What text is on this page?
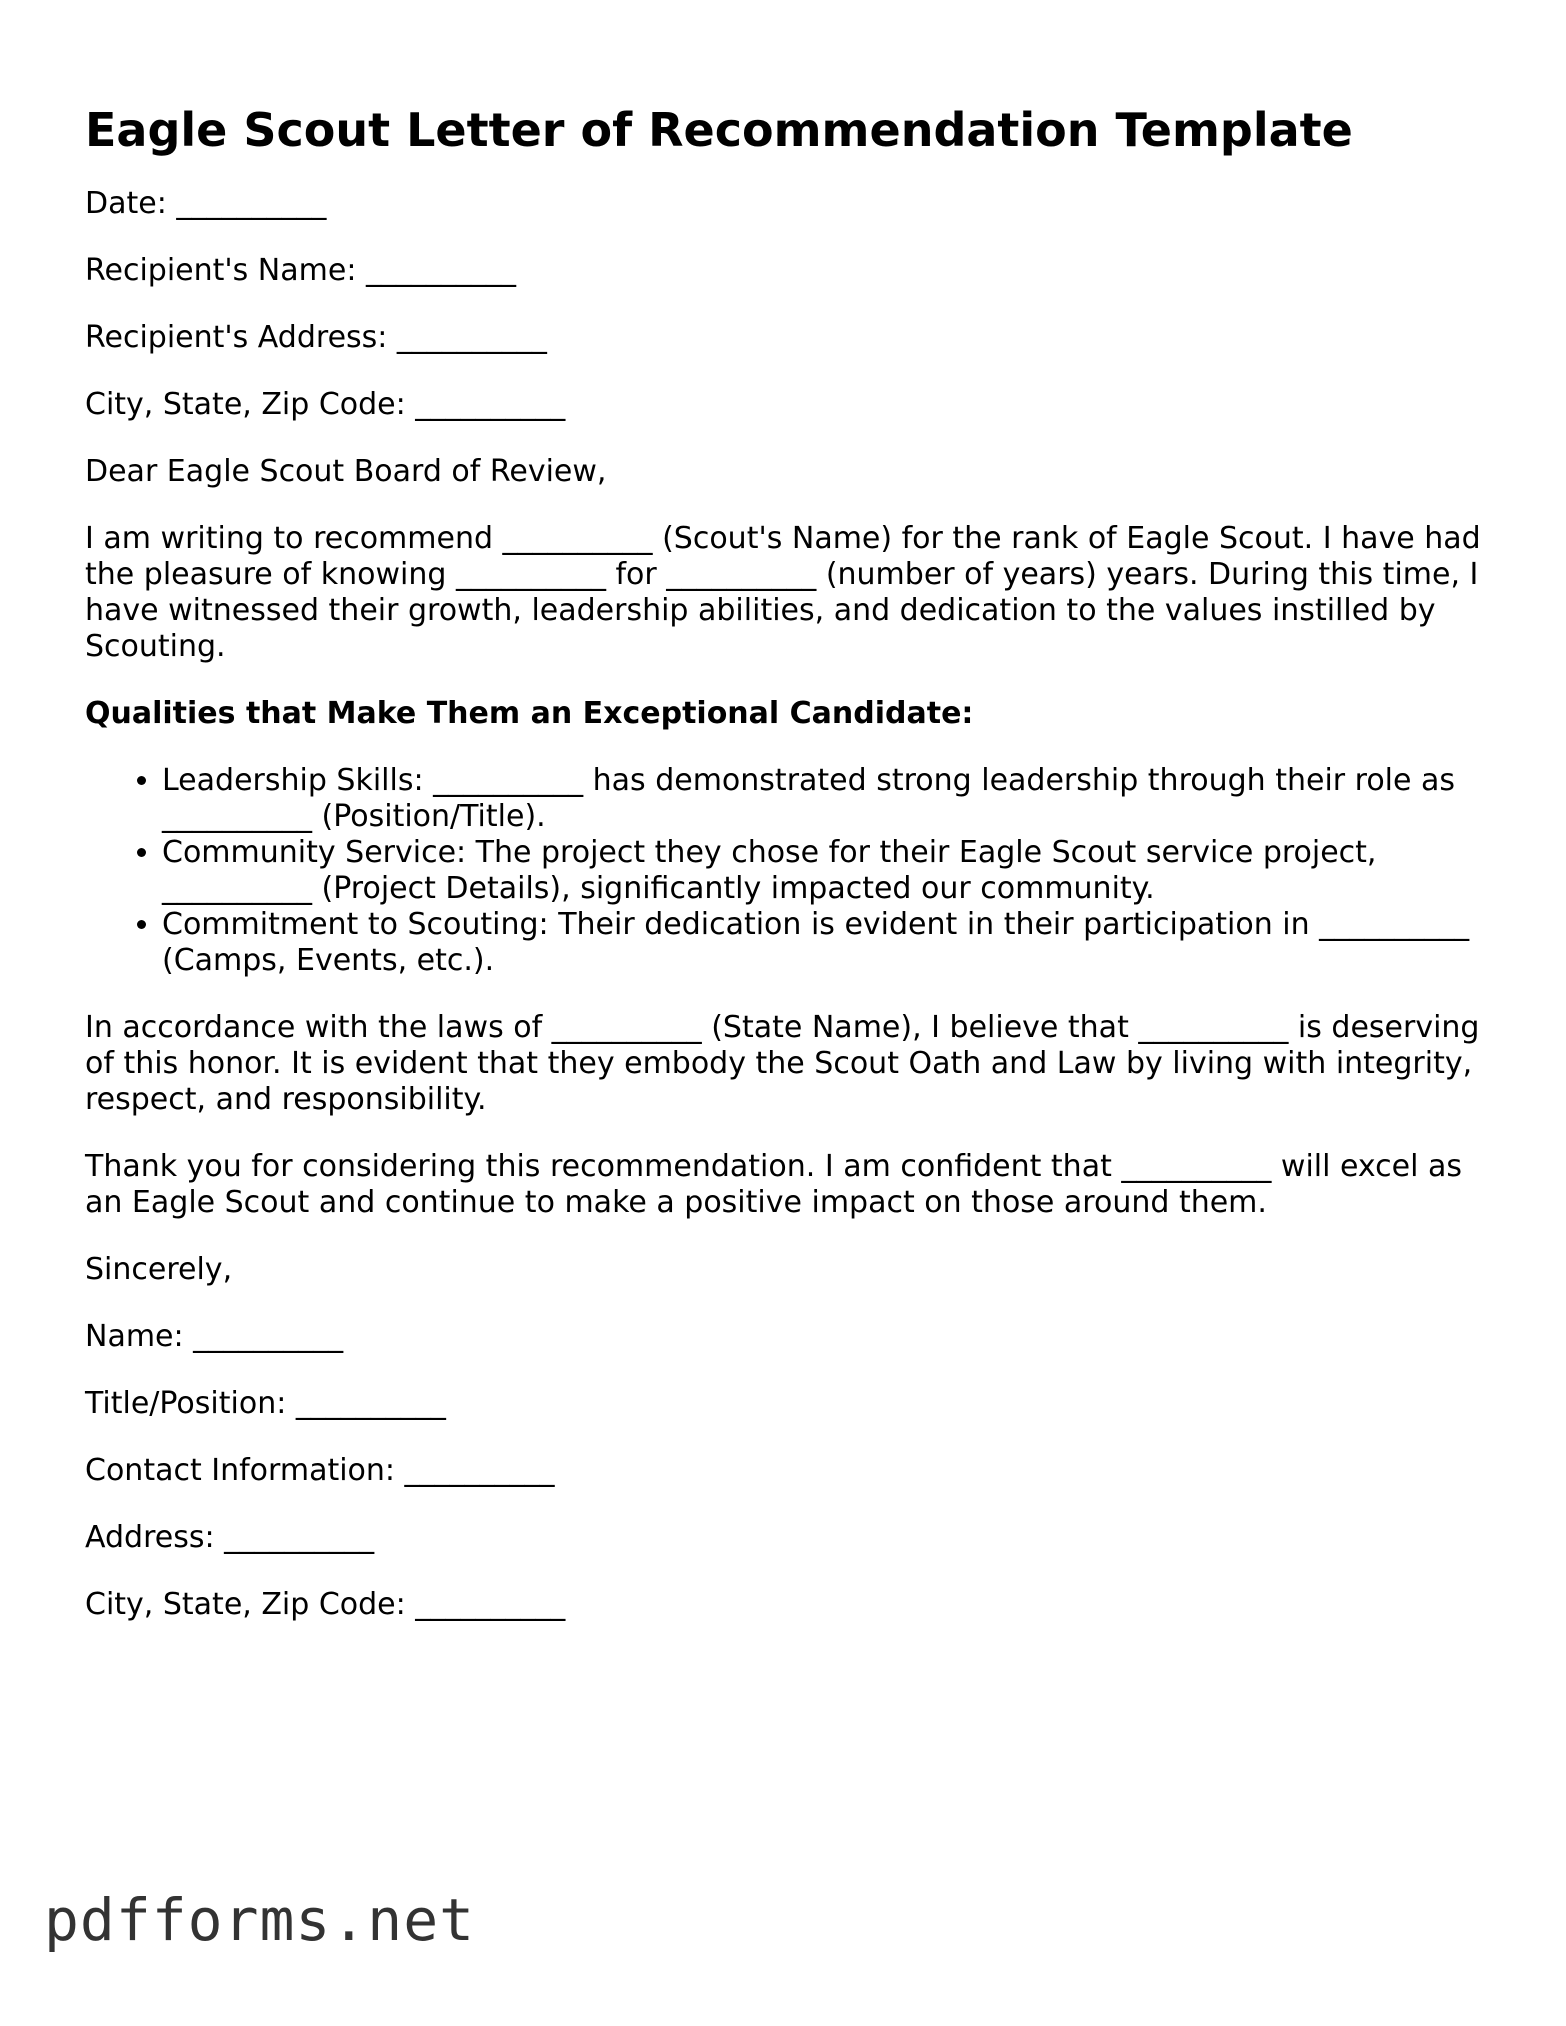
Eagle Scout Letter of Recommendation Template

Date: __________

Recipient's Name: __________

Recipient's Address: __________

City, State, Zip Code: __________

Dear Eagle Scout Board of Review,

I am writing to recommend __________ (Scout's Name) for the rank of Eagle Scout. I have had the pleasure of knowing __________ for __________ (number of years) years. During this time, I have witnessed their growth, leadership abilities, and dedication to the values instilled by Scouting.

Qualities that Make Them an Exceptional Candidate:

• Leadership Skills: __________ has demonstrated strong leadership through their role as __________ (Position/Title).
• Community Service: The project they chose for their Eagle Scout service project, __________ (Project Details), significantly impacted our community.
• Commitment to Scouting: Their dedication is evident in their participation in __________ (Camps, Events, etc.).

In accordance with the laws of __________ (State Name), I believe that __________ is deserving of this honor. It is evident that they embody the Scout Oath and Law by living with integrity, respect, and responsibility.

Thank you for considering this recommendation. I am confident that __________ will excel as an Eagle Scout and continue to make a positive impact on those around them.

Sincerely,

Name: __________

Title/Position: __________

Contact Information: __________

Address: __________

City, State, Zip Code: __________

pdfforms.net
